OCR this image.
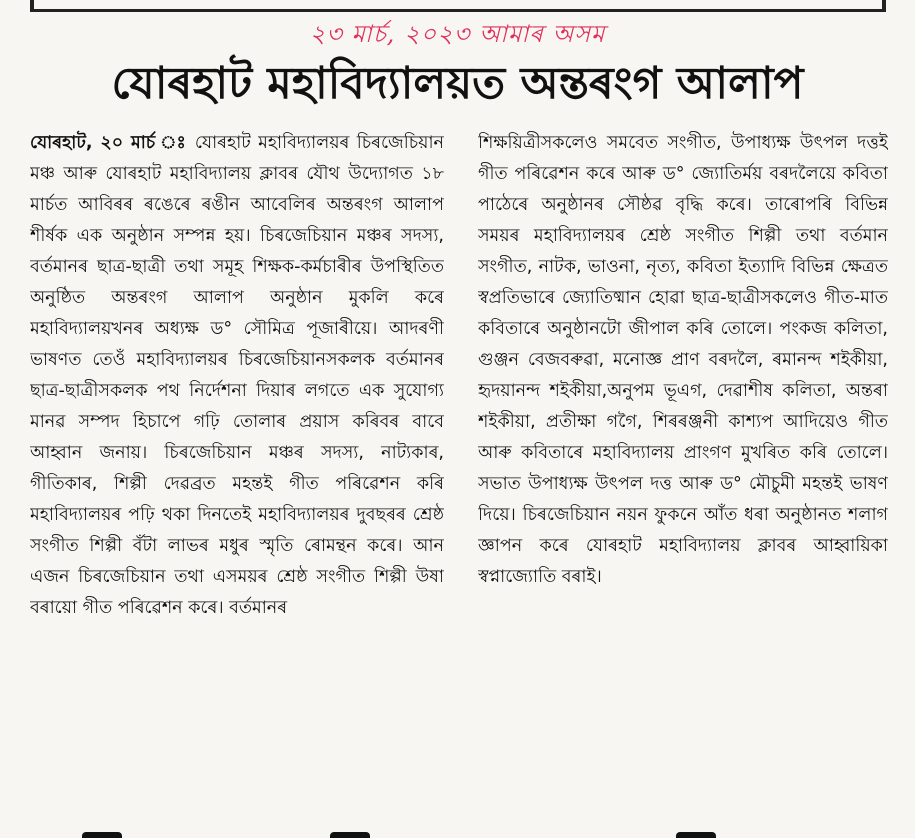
২৩ মার্চ, ২০২৩ আমাৰ অসম
যোৰহাট মহাবিদ্যালয়ত অন্তৰংগ আলাপ

যোৰহাট, ২০ মাৰ্চ ঃ যোৰহাট মহাবিদ্যালয়ৰ চিৰজেচিয়ান মঞ্চ আৰু যোৰহাট মহাবিদ্যালয় ক্লাবৰ যৌথ উদ্যোগত ১৮ মার্চত আবিৰৰ ৰঙেৰে ৰঙীন আবেলিৰ অন্তৰংগ আলাপ শীৰ্ষক এক অনুষ্ঠান সম্পন্ন হয়। চিৰজেচিয়ান মঞ্চৰ সদস্য, বৰ্তমানৰ ছাত্ৰ-ছাত্ৰী তথা সমূহ শিক্ষক-কৰ্মচাৰীৰ উপস্থিতিত অনুষ্ঠিত অন্তৰংগ আলাপ অনুষ্ঠান মুকলি কৰে মহাবিদ্যালয়খনৰ অধ্যক্ষ ড° সৌমিত্ৰ পূজাৰীয়ে। আদৰণী ভাষণত তেওঁ মহাবিদ্যালয়ৰ চিৰজেচিয়ানসকলক বৰ্তমানৰ ছাত্ৰ-ছাত্ৰীসকলক পথ নিৰ্দেশনা দিয়াৰ লগতে এক সুযোগ্য মানৱ সম্পদ হিচাপে গঢ়ি তোলাৰ প্ৰয়াস কৰিবৰ বাবে আহ্বান জনায়। চিৰজেচিয়ান মঞ্চৰ সদস্য, নাট্যকাৰ, গীতিকাৰ, শিল্পী দেৱব্ৰত মহন্তই গীত পৰিৱেশন কৰি মহাবিদ্যালয়ৰ পঢ়ি থকা দিনতেই মহাবিদ্যালয়ৰ দুবছৰৰ শ্ৰেষ্ঠ সংগীত শিল্পী বঁটা লাভৰ মধুৰ স্মৃতি ৰোমন্থন কৰে। আন এজন চিৰজেচিয়ান তথা এসময়ৰ শ্ৰেষ্ঠ সংগীত শিল্পী উষা বৰায়ো গীত পৰিৱেশন কৰে। বৰ্তমানৰ

শিক্ষয়িত্ৰীসকলেও সমবেত সংগীত, উপাধ্যক্ষ উৎপল দত্তই গীত পৰিৱেশন কৰে আৰু ড° জ্যোতিৰ্ময় বৰদলৈয়ে কবিতা পাঠেৰে অনুষ্ঠানৰ সৌষ্ঠৱ বৃদ্ধি কৰে। তাৰোপৰি বিভিন্ন সময়ৰ মহাবিদ্যালয়ৰ শ্ৰেষ্ঠ সংগীত শিল্পী তথা বৰ্তমান সংগীত, নাটক, ভাওনা, নৃত্য, কবিতা ইত্যাদি বিভিন্ন ক্ষেত্ৰত স্বপ্ৰতিভাৰে জ্যোতিষ্মান হোৱা ছাত্ৰ-ছাত্ৰীসকলেও গীত-মাত কবিতাৰে অনুষ্ঠানটো জীপাল কৰি তোলে। পংকজ কলিতা, গুঞ্জন বেজবৰুৱা, মনোজ্ঞ প্ৰাণ বৰদলৈ, ৰমানন্দ শইকীয়া, হৃদয়ানন্দ শইকীয়া,অনুপম ভূএগ, দেৱাশীষ কলিতা, অন্তৰা শইকীয়া, প্ৰতীক্ষা গগৈ, শিৰৰঞ্জনী কাশ্যপ আদিয়েও গীত আৰু কবিতাৰে মহাবিদ্যালয় প্ৰাংগণ মুখৰিত কৰি তোলে। সভাত উপাধ্যক্ষ উৎপল দত্ত আৰু ড° মৌচুমী মহন্তই ভাষণ দিয়ে। চিৰজেচিয়ান নয়ন ফুকনে আঁত ধৰা অনুষ্ঠানত শলাগ জ্ঞাপন কৰে যোৰহাট মহাবিদ্যালয় ক্লাবৰ আহ্বায়িকা স্বপ্নাজ্যোতি বৰাই।
